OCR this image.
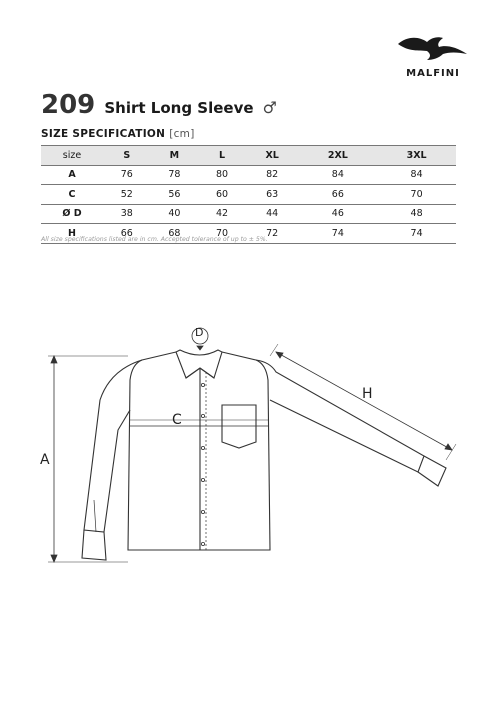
MALFINI
209 Shirt Long Sleeve ♂
SIZE SPECIFICATION [cm]
size	S	M	L	XL	2XL	3XL
A	76	78	80	82	84	84
C	52	56	60	63	66	70
Ø D	38	40	42	44	46	48
H	66	68	70	72	74	74
All size specifications listed are in cm. Accepted tolerance of up to ± 5%.
A
C
D
H
